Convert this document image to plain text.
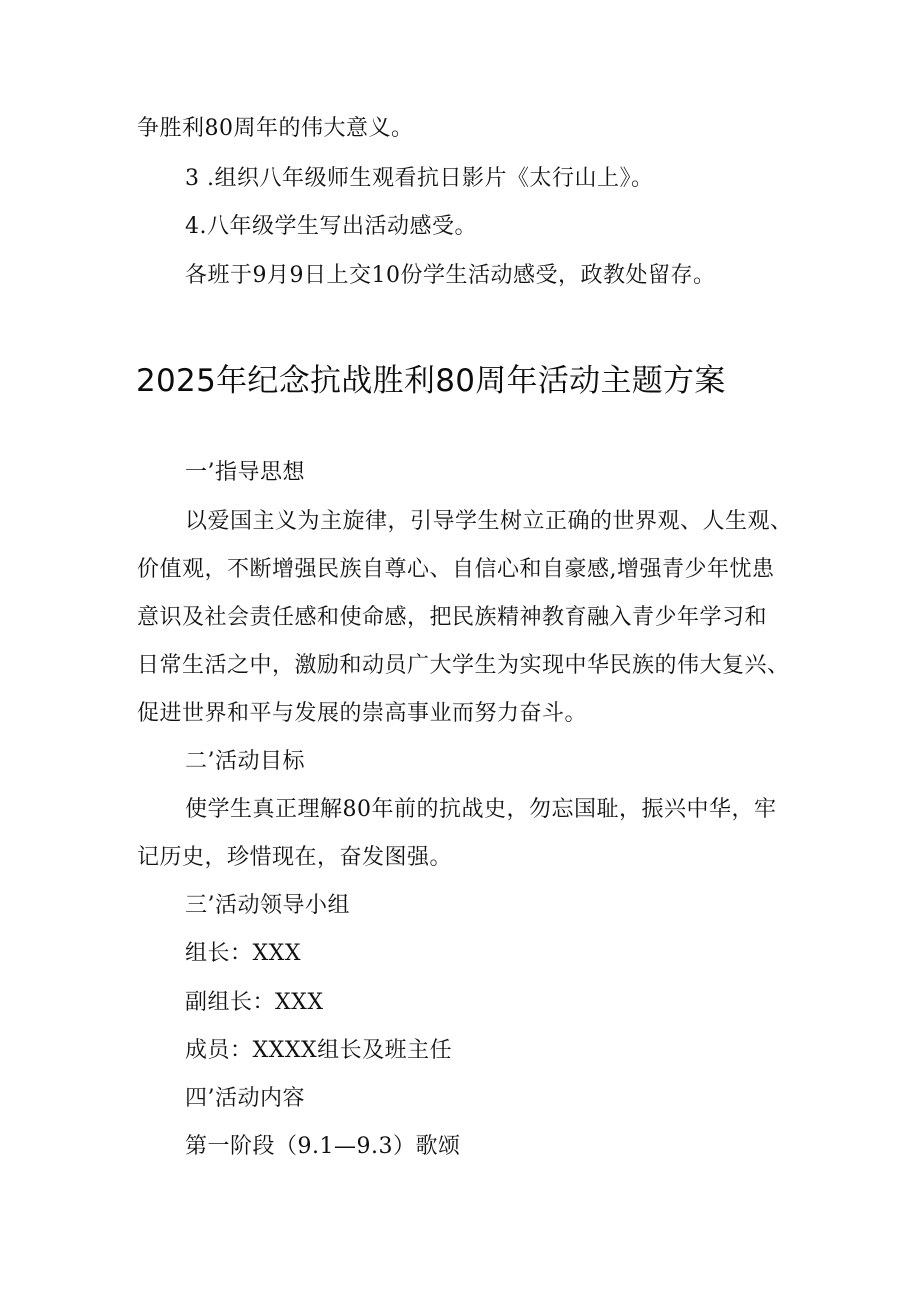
争胜利80周年的伟大意义。
3 .组织八年级师生观看抗日影片《太行山上》。
4.八年级学生写出活动感受。
各班于9月9日上交10份学生活动感受，政教处留存。
2025年纪念抗战胜利80周年活动主题方案
一’指导思想
以爱国主义为主旋律，引导学生树立正确的世界观、人生观、
价值观，不断增强民族自尊心、自信心和自豪感,增强青少年忧患
意识及社会责任感和使命感，把民族精神教育融入青少年学习和
日常生活之中，激励和动员广大学生为实现中华民族的伟大复兴、
促进世界和平与发展的崇高事业而努力奋斗。
二’活动目标
使学生真正理解80年前的抗战史，勿忘国耻，振兴中华，牢
记历史，珍惜现在，奋发图强。
三’活动领导小组
组长：XXX
副组长：XXX
成员：XXXX组长及班主任
四’活动内容
第一阶段（9.1—9.3）歌颂
